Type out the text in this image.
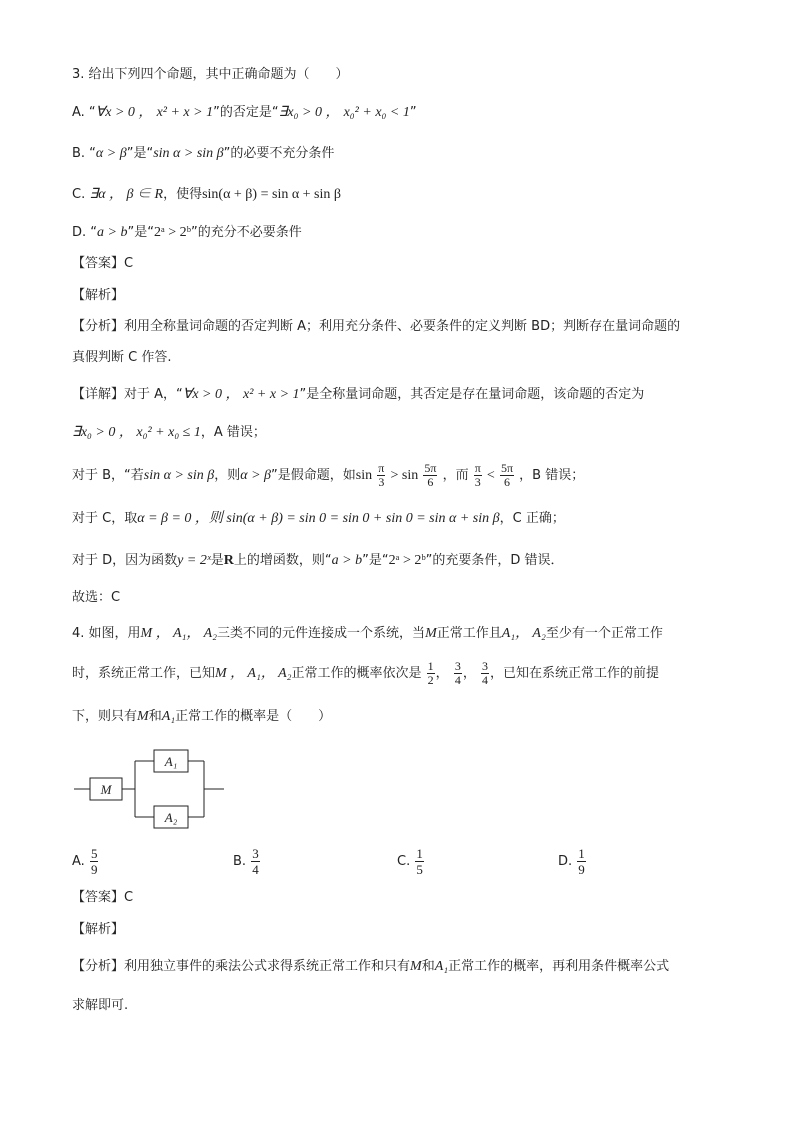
3. 给出下列四个命题，其中正确命题为（　　）
A. “∀x > 0 ， x² + x > 1”的否定是“∃x₀ > 0 ， x₀² + x₀ < 1”
B. “α > β”是“sin α > sin β”的必要不充分条件
C. ∃α ， β ∈ R，使得sin(α + β) = sin α + sin β
D. “a > b”是“2ᵃ > 2ᵇ”的充分不必要条件
【答案】C
【解析】
【分析】利用全称量词命题的否定判断 A；利用充分条件、必要条件的定义判断 BD；判断存在量词命题的
真假判断 C 作答.
【详解】对于 A，“∀x > 0 ， x² + x > 1”是全称量词命题，其否定是存在量词命题，该命题的否定为
∃x₀ > 0 ， x₀² + x₀ ≤ 1，A 错误；
对于 B，“若sin α > sin β，则α > β”是假命题，如$\sin \frac{\pi}{3} > \sin \frac{5\pi}{6}$ ，而 $\frac{\pi}{3} < \frac{5\pi}{6}$ ，B 错误；
对于 C，取α = β = 0 ，则 sin(α + β) = sin 0 = sin 0 + sin 0 = sin α + sin β，C 正确；
对于 D，因为函数y = 2ˣ是R上的增函数，则“a > b”是“2ᵃ > 2ᵇ”的充要条件，D 错误．
故选：C
4. 如图，用M ， A₁， A₂三类不同的元件连接成一个系统，当M正常工作且A₁， A₂至少有一个正常工作
时，系统正常工作，已知M ， A₁， A₂正常工作的概率依次是 $\frac{1}{2}$ ， $\frac{3}{4}$ ， $\frac{3}{4}$ ，已知在系统正常工作的前提
下，则只有M和A₁正常工作的概率是（　　）
M
A₁
A₂
A. $\frac{5}{9}$	B. $\frac{3}{4}$	C. $\frac{1}{5}$	D. $\frac{1}{9}$
【答案】C
【解析】
【分析】利用独立事件的乘法公式求得系统正常工作和只有M和A₁正常工作的概率，再利用条件概率公式
求解即可.
